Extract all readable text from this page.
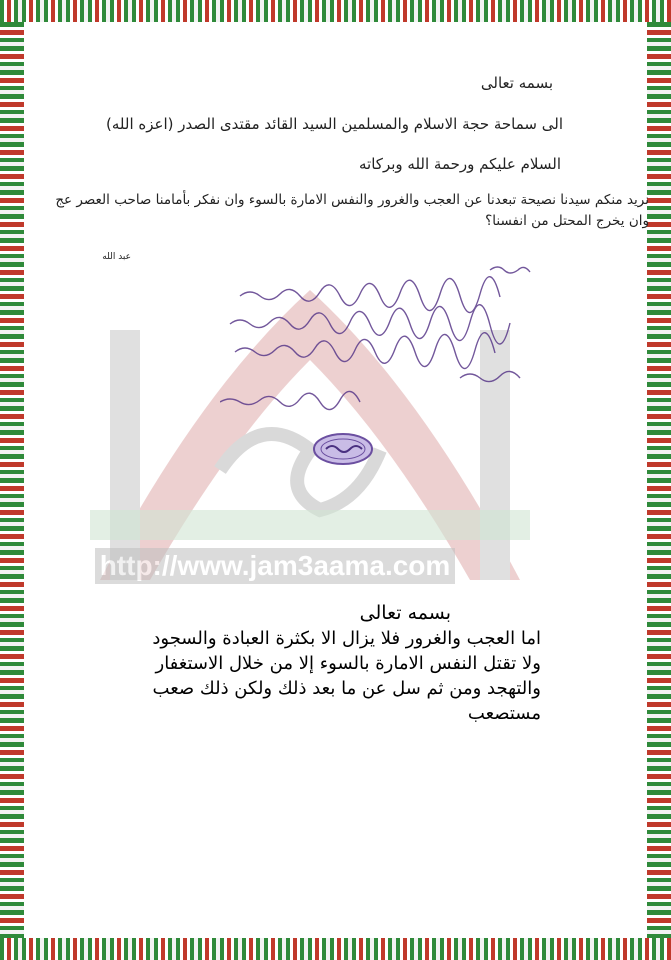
http://www.jam3aama.com
بسمه تعالى
الى سماحة حجة الاسلام والمسلمين السيد القائد مقتدى الصدر (اعزه الله)
السلام عليكم ورحمة الله وبركاته
نريد منكم سيدنا نصيحة تبعدنا عن العجب والغرور والنفس الامارة بالسوء وان نفكر بأمامنا صاحب العصر عج وان يخرج المحتل من انفسنا؟
عبد الله
بسمه تعالى
اما العجب والغرور فلا يزال الا بكثرة العبادة والسجود
ولا تقتل النفس الامارة بالسوء إلا من خلال الاستغفار
والتهجد ومن ثم سل عن ما بعد ذلك ولكن ذلك صعب
مستصعب
